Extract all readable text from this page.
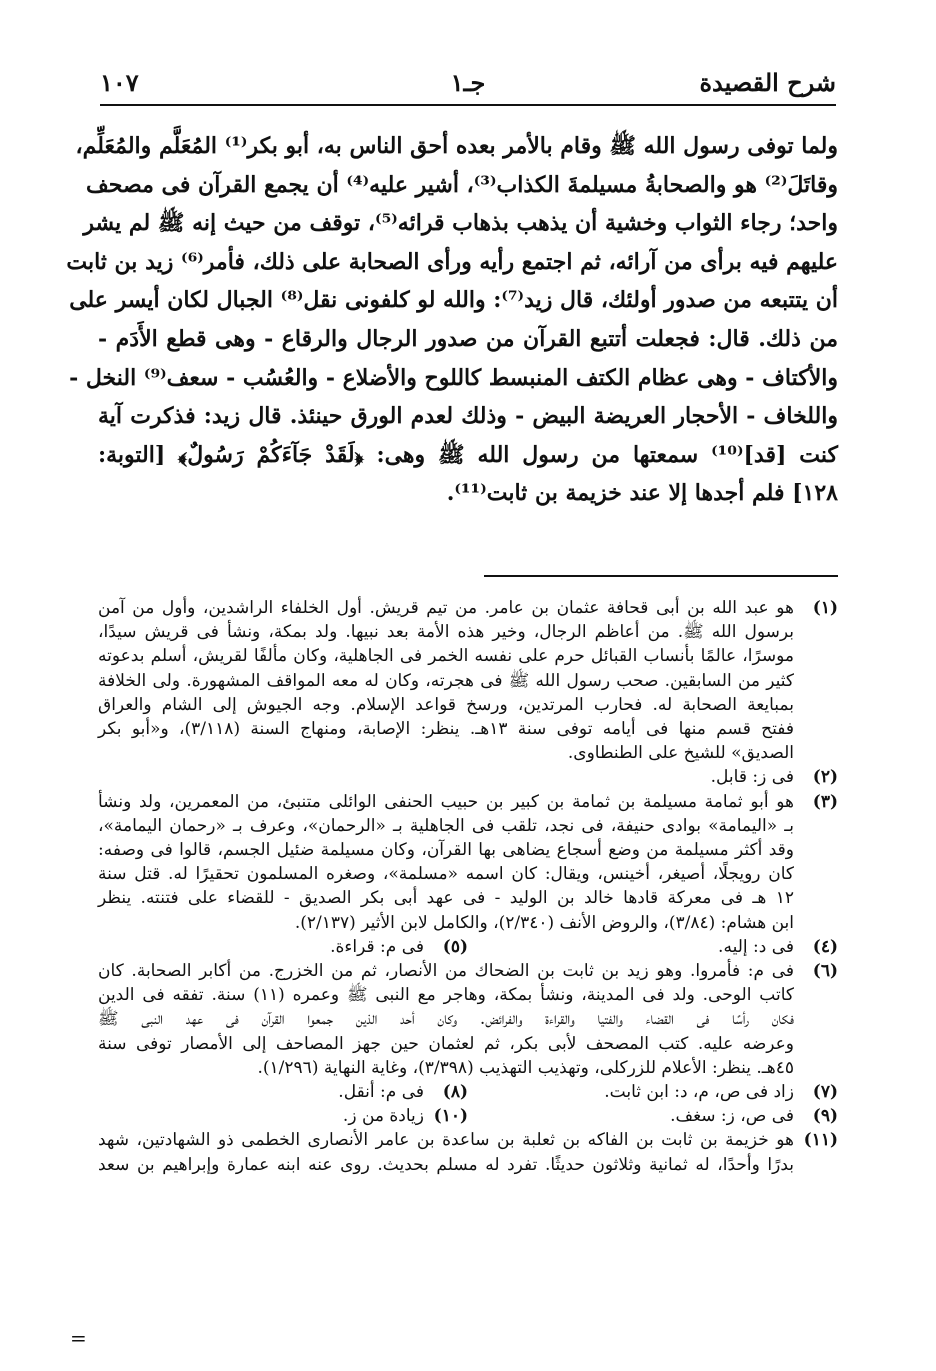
شرح القصيدة
جـ١
١٠٧

ولما توفى رسول الله ﷺ وقام بالأمر بعده أحق الناس به، أبو بكر⁽¹⁾ المُعَلَّم والمُعَلِّم،
وقاتَلَ⁽²⁾ هو والصحابةُ مسيلمةَ الكذاب⁽³⁾، أشير عليه⁽⁴⁾ أن يجمع القرآن فى مصحف
واحد؛ رجاء الثواب وخشية أن يذهب بذهاب قرائه⁽⁵⁾، توقف من حيث إنه ﷺ لم يشر
عليهم فيه برأى من آرائه، ثم اجتمع رأيه ورأى الصحابة على ذلك، فأمر⁽⁶⁾ زيد بن ثابت
أن يتتبعه من صدور أولئك، قال زيد⁽⁷⁾: والله لو كلفونى نقل⁽⁸⁾ الجبال لكان أيسر على
من ذلك. قال: فجعلت أتتبع القرآن من صدور الرجال والرقاع - وهى قطع الأَدَم -
والأكتاف - وهى عظام الكتف المنبسط كاللوح والأضلاع - والعُسُب - سعف⁽⁹⁾ النخل -
واللخاف - الأحجار العريضة البيض - وذلك لعدم الورق حينئذ. قال زيد: فذكرت آية
كنت [قد]⁽¹⁰⁾ سمعتها من رسول الله ﷺ وهى: ﴿لَقَدْ جَآءَكُمْ رَسُولٌ﴾ [التوبة:
١٢٨] فلم أجدها إلا عند خزيمة بن ثابت⁽¹¹⁾.

(١)
هو عبد الله بن أبى قحافة عثمان بن عامر. من تيم قريش. أول الخلفاء الراشدين، وأول من آمن
برسول الله ﷺ. من أعاظم الرجال، وخير هذه الأمة بعد نبيها. ولد بمكة، ونشأ فى قريش سيدًا،
موسرًا، عالمًا بأنساب القبائل حرم على نفسه الخمر فى الجاهلية، وكان مألفًا لقريش، أسلم بدعوته
كثير من السابقين. صحب رسول الله ﷺ فى هجرته، وكان له معه المواقف المشهورة. ولى الخلافة
بمبايعة الصحابة له. فحارب المرتدين، ورسخ قواعد الإسلام. وجه الجيوش إلى الشام والعراق
ففتح قسم منها فى أيامه توفى سنة ١٣هـ. ينظر: الإصابة، ومنهاج السنة (٣/١١٨)، و«أبو بكر
الصديق» للشيخ على الطنطاوى.
(٢)
فى ز: قابل.
(٣)
هو أبو ثمامة مسيلمة بن ثمامة بن كبير بن حبيب الحنفى الوائلى متنبئ، من المعمرين، ولد ونشأ
بـ «اليمامة» بوادى حنيفة، فى نجد، تلقب فى الجاهلية بـ «الرحمان»، وعرف بـ «رحمان اليمامة»،
وقد أكثر مسيلمة من وضع أسجاع يضاهى بها القرآن، وكان مسيلمة ضئيل الجسم، قالوا فى وصفه:
كان رويجلًا، أصيغر، أخينس، ويقال: كان اسمه «مسلمة»، وصغره المسلمون تحقيرًا له. قتل سنة
١٢ هـ فى معركة قادها خالد بن الوليد - فى عهد أبى بكر الصديق - للقضاء على فتنته. ينظر
ابن هشام: (٣/٨٤)، والروض الأنف (٢/٣٤٠)، والكامل لابن الأثير (٢/١٣٧).
(٤)
فى د: إليه.
(٥)
فى م: قراءة.
(٦)
فى م: فأمروا. وهو زيد بن ثابت بن الضحاك من الأنصار، ثم من الخزرج. من أكابر الصحابة. كان
كاتب الوحى. ولد فى المدينة، ونشأ بمكة، وهاجر مع النبى ﷺ وعمره (١١) سنة. تفقه فى الدين
فكان رأسًا فى القضاء والفتيا والقراءة والفرائض. وكان أحد الذين جمعوا القرآن فى عهد النبى ﷺ
وعرضه عليه. كتب المصحف لأبى بكر، ثم لعثمان حين جهز المصاحف إلى الأمصار توفى سنة
٤٥هـ. ينظر: الأعلام للزركلى، وتهذيب التهذيب (٣/٣٩٨)، وغاية النهاية (١/٢٩٦).
(٧)
زاد فى ص، م، د: ابن ثابت.
(٨)
فى م: أنقل.
(٩)
فى ص، ز: سغف.
(١٠)
زيادة من ز.
(١١)
هو خزيمة بن ثابت بن الفاكه بن ثعلبة بن ساعدة بن عامر الأنصارى الخطمى ذو الشهادتين، شهد
بدرًا وأحدًا، له ثمانية وثلاثون حديثًا. تفرد له مسلم بحديث. روى عنه ابنه عمارة وإبراهيم بن سعد
=
